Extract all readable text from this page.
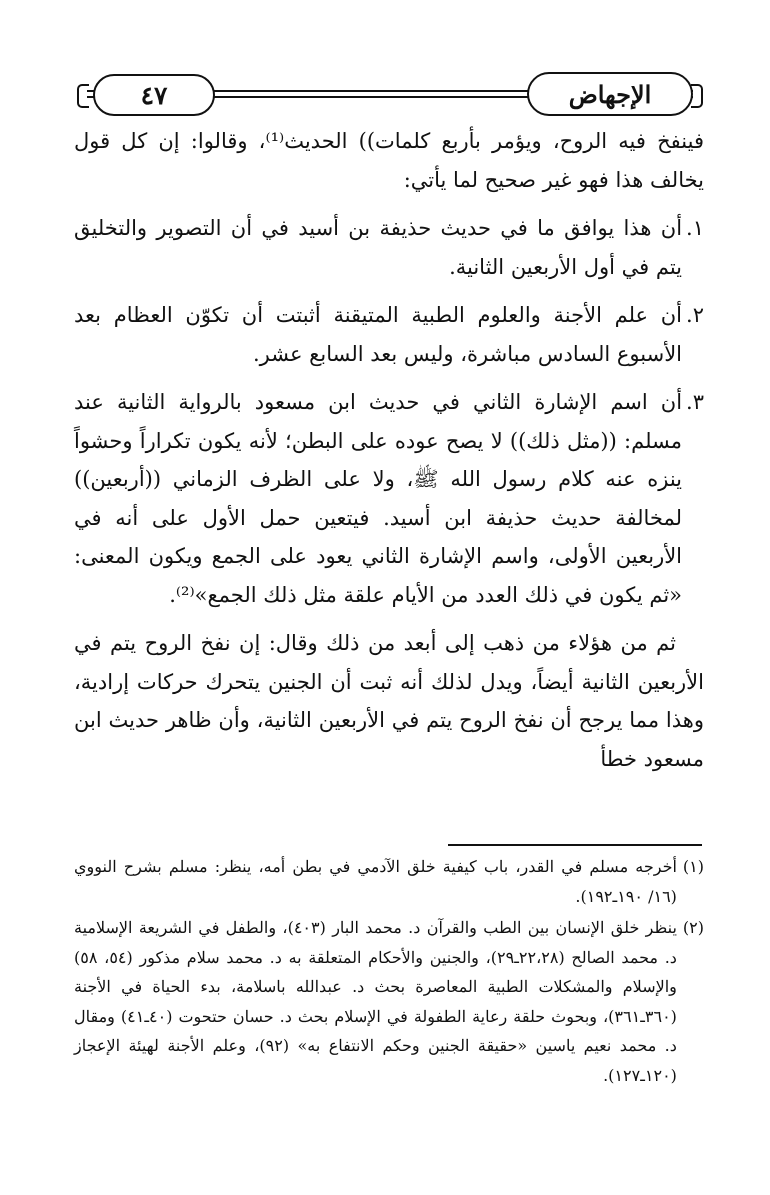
٤٧	الإجهاض

فينفخ فيه الروح، ويؤمر بأربع كلمات)) الحديث⁽¹⁾، وقالوا: إن كل قول يخالف هذا فهو غير صحيح لما يأتي:

١.
أن هذا يوافق ما في حديث حذيفة بن أسيد في أن التصوير والتخليق يتم في أول الأربعين الثانية.
٢.
أن علم الأجنة والعلوم الطبية المتيقنة أثبتت أن تكوّن العظام بعد الأسبوع السادس مباشرة، وليس بعد السابع عشر.
٣.
أن اسم الإشارة الثاني في حديث ابن مسعود بالرواية الثانية عند مسلم: ((مثل ذلك)) لا يصح عوده على البطن؛ لأنه يكون تكراراً وحشواً ينزه عنه كلام رسول الله ﷺ، ولا على الظرف الزماني ((أربعين)) لمخالفة حديث حذيفة ابن أسيد. فيتعين حمل الأول على أنه في الأربعين الأولى، واسم الإشارة الثاني يعود على الجمع ويكون المعنى: «ثم يكون في ذلك العدد من الأيام علقة مثل ذلك الجمع»⁽²⁾.

ثم من هؤلاء من ذهب إلى أبعد من ذلك وقال: إن نفخ الروح يتم في الأربعين الثانية أيضاً، ويدل لذلك أنه ثبت أن الجنين يتحرك حركات إرادية، وهذا مما يرجح أن نفخ الروح يتم في الأربعين الثانية، وأن ظاهر حديث ابن مسعود خطأ

(١)
أخرجه مسلم في القدر، باب كيفية خلق الآدمي في بطن أمه، ينظر: مسلم بشرح النووي (١٦/ ١٩٠ـ١٩٢).
(٢)
ينظر خلق الإنسان بين الطب والقرآن د. محمد البار (٤٠٣)، والطفل في الشريعة الإسلامية د. محمد الصالح (٢٢،٢٨ـ٢٩)، والجنين والأحكام المتعلقة به د. محمد سلام مذكور (٥٤، ٥٨) والإسلام والمشكلات الطبية المعاصرة بحث د. عبدالله باسلامة، بدء الحياة في الأجنة (٣٦٠ـ٣٦١)، وبحوث حلقة رعاية الطفولة في الإسلام بحث د. حسان حتحوت (٤٠ـ٤١) ومقال د. محمد نعيم ياسين «حقيقة الجنين وحكم الانتفاع به» (٩٢)، وعلم الأجنة لهيئة الإعجاز (١٢٠ـ١٢٧).
